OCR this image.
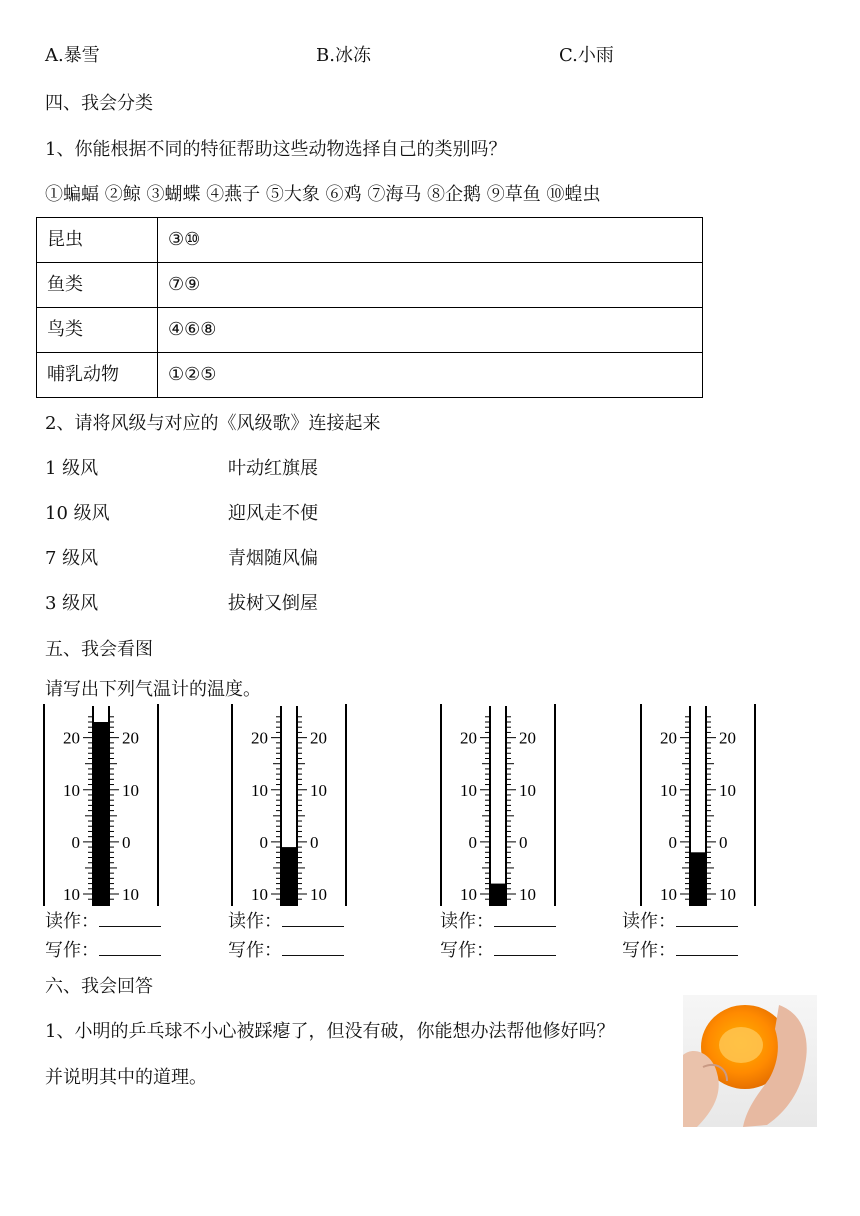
A.暴雪	B.冰冻	C.小雨
四、我会分类
1、你能根据不同的特征帮助这些动物选择自己的类别吗？
①蝙蝠 ②鲸 ③蝴蝶 ④燕子 ⑤大象 ⑥鸡 ⑦海马 ⑧企鹅 ⑨草鱼 ⑩蝗虫
昆虫	③⑩
鱼类	⑦⑨
鸟类	④⑥⑧
哺乳动物	①②⑤
2、请将风级与对应的《风级歌》连接起来
1 级风	叶动红旗展
10 级风	迎风走不便
7 级风	青烟随风偏
3 级风	拔树又倒屋
五、我会看图
请写出下列气温计的温度。
20 20
10 10
0 0
10 10
20 20
10 10
0 0
10 10
20 20
10 10
0 0
10 10
20 20
10 10
0 0
10 10
读作：
写作：
读作：
写作：
读作：
写作：
读作：
写作：
六、我会回答
1、小明的乒乓球不小心被踩瘪了，但没有破，你能想办法帮他修好吗？
并说明其中的道理。
